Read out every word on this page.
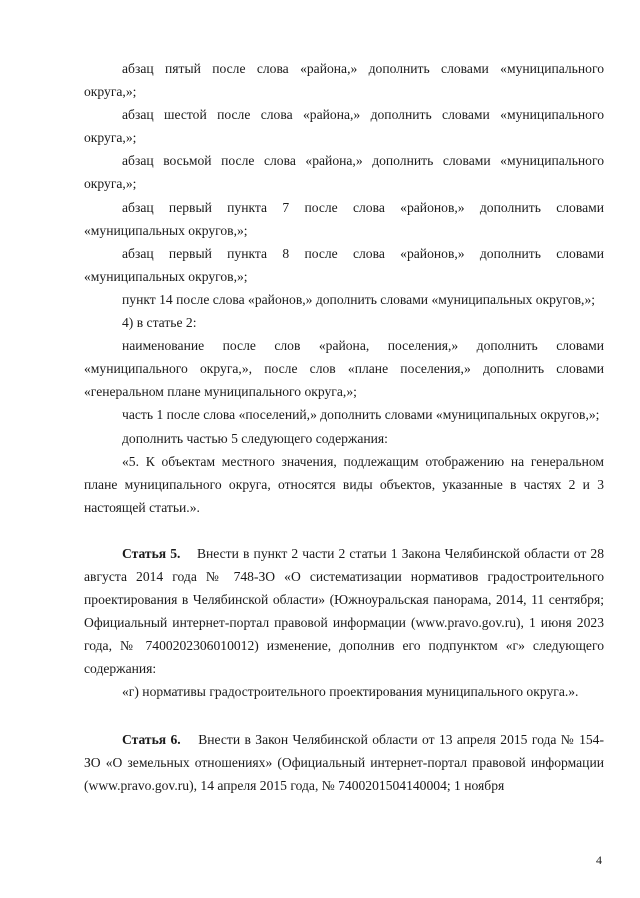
абзац пятый после слова «района,» дополнить словами «муниципального округа,»;

абзац шестой после слова «района,» дополнить словами «муниципального округа,»;

абзац восьмой после слова «района,» дополнить словами «муниципального округа,»;

абзац первый пункта 7 после слова «районов,» дополнить словами «муниципальных округов,»;

абзац первый пункта 8 после слова «районов,» дополнить словами «муниципальных округов,»;

пункт 14 после слова «районов,» дополнить словами «муниципальных округов,»;

4) в статье 2:

наименование после слов «района, поселения,» дополнить словами «муниципального округа,», после слов «плане поселения,» дополнить словами «генеральном плане муниципального округа,»;

часть 1 после слова «поселений,» дополнить словами «муниципальных округов,»;

дополнить частью 5 следующего содержания:

«5. К объектам местного значения, подлежащим отображению на генеральном плане муниципального округа, относятся виды объектов, указанные в частях 2 и 3 настоящей статьи.».

Статья 5. Внести в пункт 2 части 2 статьи 1 Закона Челябинской области от 28 августа 2014 года № 748-ЗО «О систематизации нормативов градостроительного проектирования в Челябинской области» (Южноуральская панорама, 2014, 11 сентября; Официальный интернет-портал правовой информации (www.pravo.gov.ru), 1 июня 2023 года, № 7400202306010012) изменение, дополнив его подпунктом «г» следующего содержания:

«г) нормативы градостроительного проектирования муниципального округа.».

Статья 6. Внести в Закон Челябинской области от 13 апреля 2015 года № 154-ЗО «О земельных отношениях» (Официальный интернет-портал правовой информации (www.pravo.gov.ru), 14 апреля 2015 года, № 7400201504140004; 1 ноября

4
